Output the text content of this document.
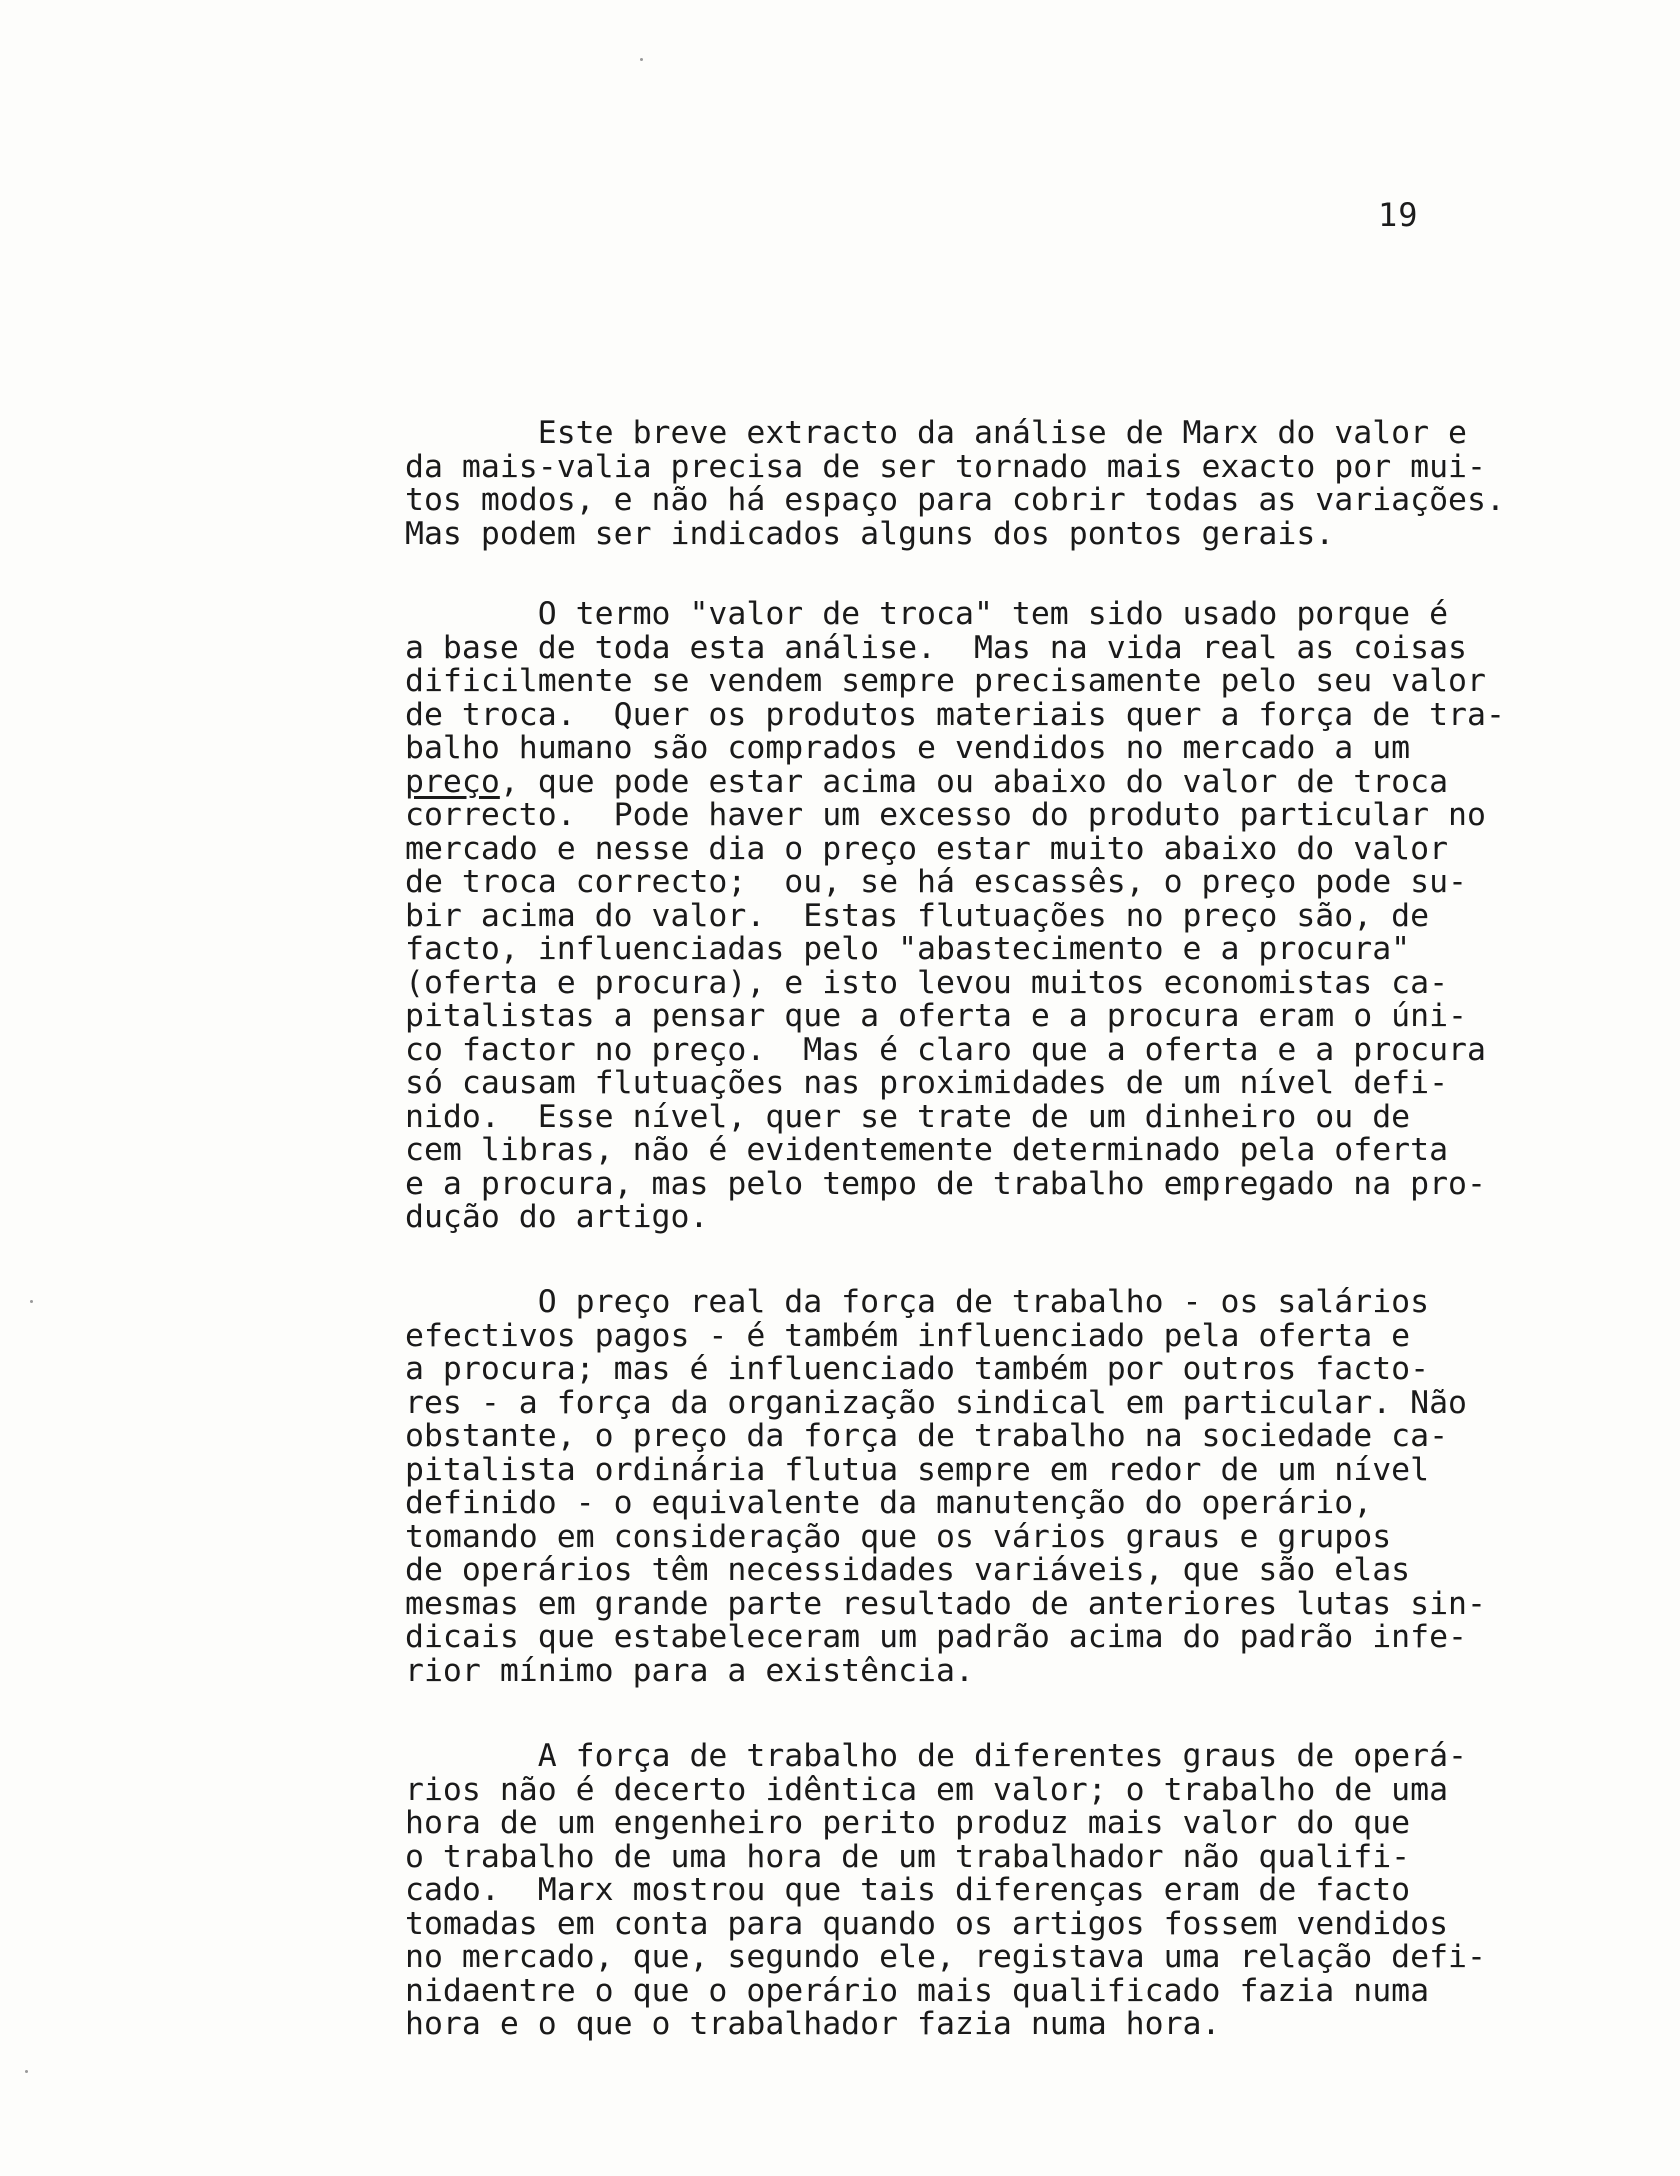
19
Este breve extracto da análise de Marx do valor e
da mais-valia precisa de ser tornado mais exacto por mui-
tos modos, e não há espaço para cobrir todas as variações.
Mas podem ser indicados alguns dos pontos gerais.
O termo "valor de troca" tem sido usado porque é
a base de toda esta análise.  Mas na vida real as coisas
dificilmente se vendem sempre precisamente pelo seu valor
de troca.  Quer os produtos materiais quer a força de tra-
balho humano são comprados e vendidos no mercado a um
preço, que pode estar acima ou abaixo do valor de troca
correcto.  Pode haver um excesso do produto particular no
mercado e nesse dia o preço estar muito abaixo do valor
de troca correcto;  ou, se há escassês, o preço pode su-
bir acima do valor.  Estas flutuações no preço são, de
facto, influenciadas pelo "abastecimento e a procura"
(oferta e procura), e isto levou muitos economistas ca-
pitalistas a pensar que a oferta e a procura eram o úni-
co factor no preço.  Mas é claro que a oferta e a procura
só causam flutuações nas proximidades de um nível defi-
nido.  Esse nível, quer se trate de um dinheiro ou de
cem libras, não é evidentemente determinado pela oferta
e a procura, mas pelo tempo de trabalho empregado na pro-
dução do artigo.
O preço real da força de trabalho - os salários
efectivos pagos - é também influenciado pela oferta e
a procura; mas é influenciado também por outros facto-
res - a força da organização sindical em particular. Não
obstante, o preço da força de trabalho na sociedade ca-
pitalista ordinária flutua sempre em redor de um nível
definido - o equivalente da manutenção do operário,
tomando em consideração que os vários graus e grupos
de operários têm necessidades variáveis, que são elas
mesmas em grande parte resultado de anteriores lutas sin-
dicais que estabeleceram um padrão acima do padrão infe-
rior mínimo para a existência.
A força de trabalho de diferentes graus de operá-
rios não é decerto idêntica em valor; o trabalho de uma
hora de um engenheiro perito produz mais valor do que
o trabalho de uma hora de um trabalhador não qualifi-
cado.  Marx mostrou que tais diferenças eram de facto
tomadas em conta para quando os artigos fossem vendidos
no mercado, que, segundo ele, registava uma relação defi-
nidaentre o que o operário mais qualificado fazia numa
hora e o que o trabalhador fazia numa hora.
